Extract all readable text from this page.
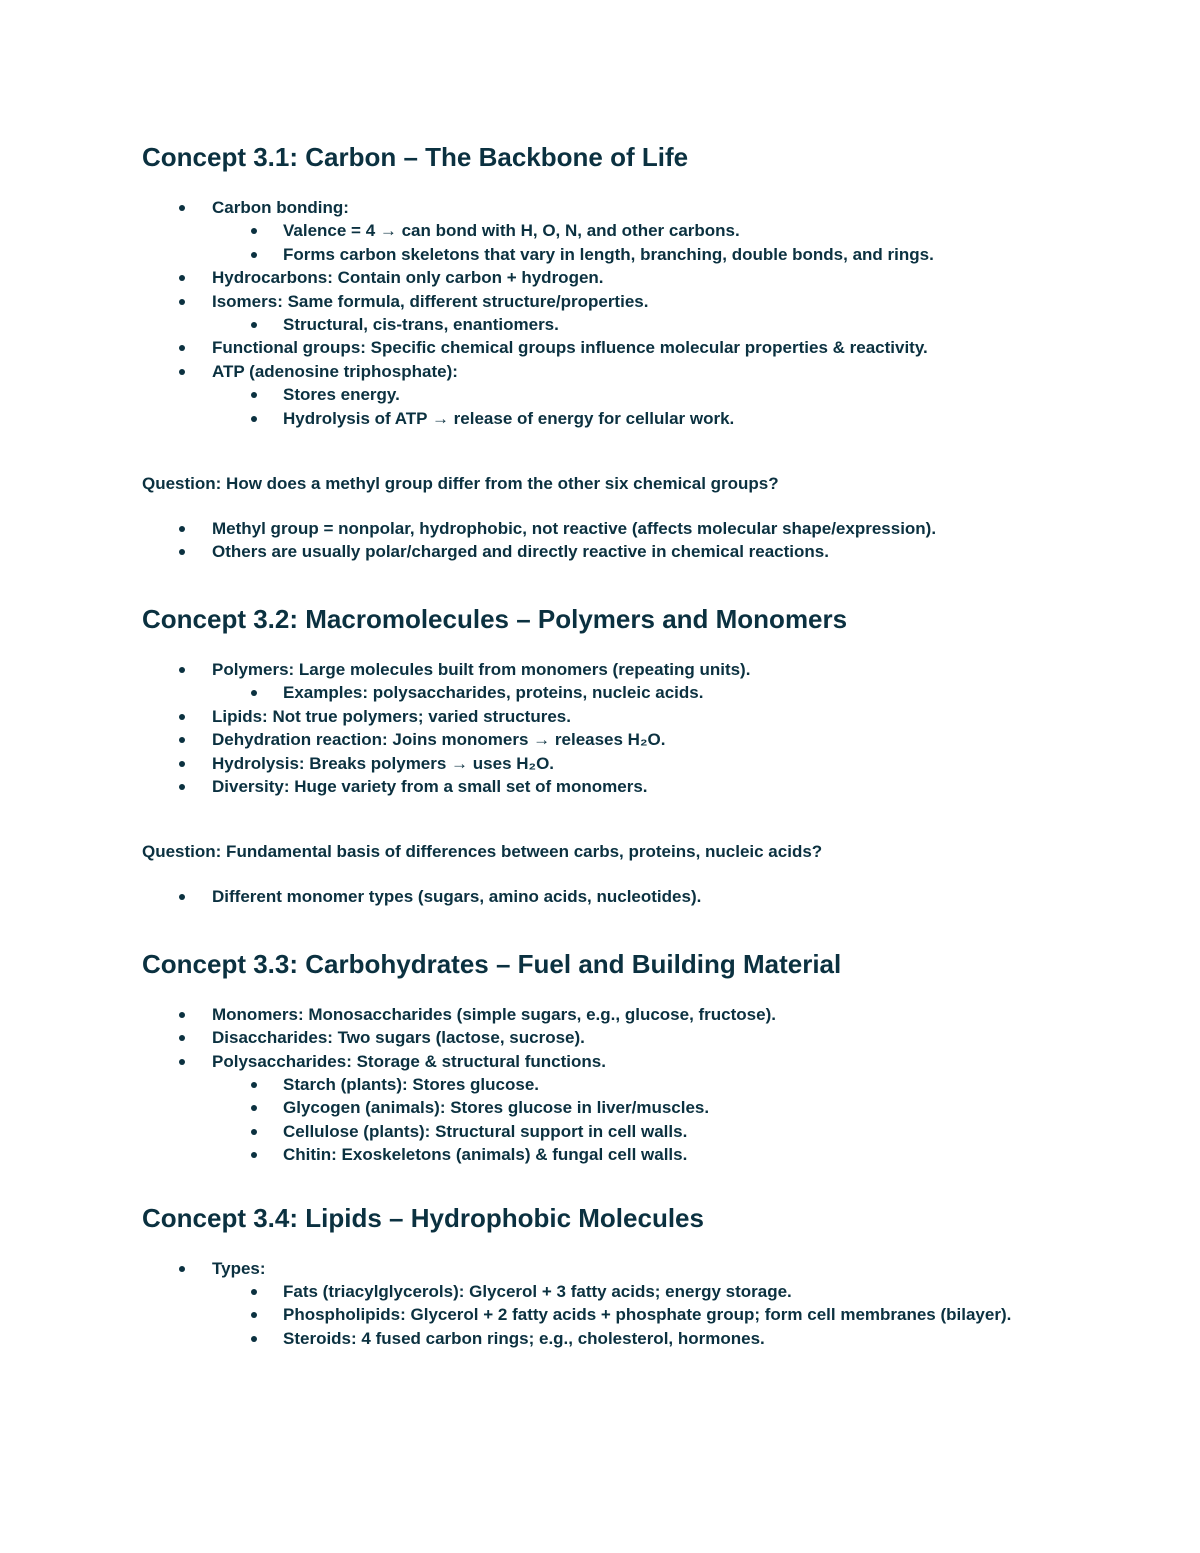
Concept 3.1: Carbon – The Backbone of Life
Carbon bonding:
Valence = 4 → can bond with H, O, N, and other carbons.
Forms carbon skeletons that vary in length, branching, double bonds, and rings.
Hydrocarbons: Contain only carbon + hydrogen.
Isomers: Same formula, different structure/properties.
Structural, cis-trans, enantiomers.
Functional groups: Specific chemical groups influence molecular properties & reactivity.
ATP (adenosine triphosphate):
Stores energy.
Hydrolysis of ATP → release of energy for cellular work.

Question: How does a methyl group differ from the other six chemical groups?

Methyl group = nonpolar, hydrophobic, not reactive (affects molecular shape/expression).
Others are usually polar/charged and directly reactive in chemical reactions.
Concept 3.2: Macromolecules – Polymers and Monomers
Polymers: Large molecules built from monomers (repeating units).
Examples: polysaccharides, proteins, nucleic acids.
Lipids: Not true polymers; varied structures.
Dehydration reaction: Joins monomers → releases H₂O.
Hydrolysis: Breaks polymers → uses H₂O.
Diversity: Huge variety from a small set of monomers.

Question: Fundamental basis of differences between carbs, proteins, nucleic acids?

Different monomer types (sugars, amino acids, nucleotides).
Concept 3.3: Carbohydrates – Fuel and Building Material
Monomers: Monosaccharides (simple sugars, e.g., glucose, fructose).
Disaccharides: Two sugars (lactose, sucrose).
Polysaccharides: Storage & structural functions.
Starch (plants): Stores glucose.
Glycogen (animals): Stores glucose in liver/muscles.
Cellulose (plants): Structural support in cell walls.
Chitin: Exoskeletons (animals) & fungal cell walls.
Concept 3.4: Lipids – Hydrophobic Molecules
Types:
Fats (triacylglycerols): Glycerol + 3 fatty acids; energy storage.
Phospholipids: Glycerol + 2 fatty acids + phosphate group; form cell membranes (bilayer).
Steroids: 4 fused carbon rings; e.g., cholesterol, hormones.
